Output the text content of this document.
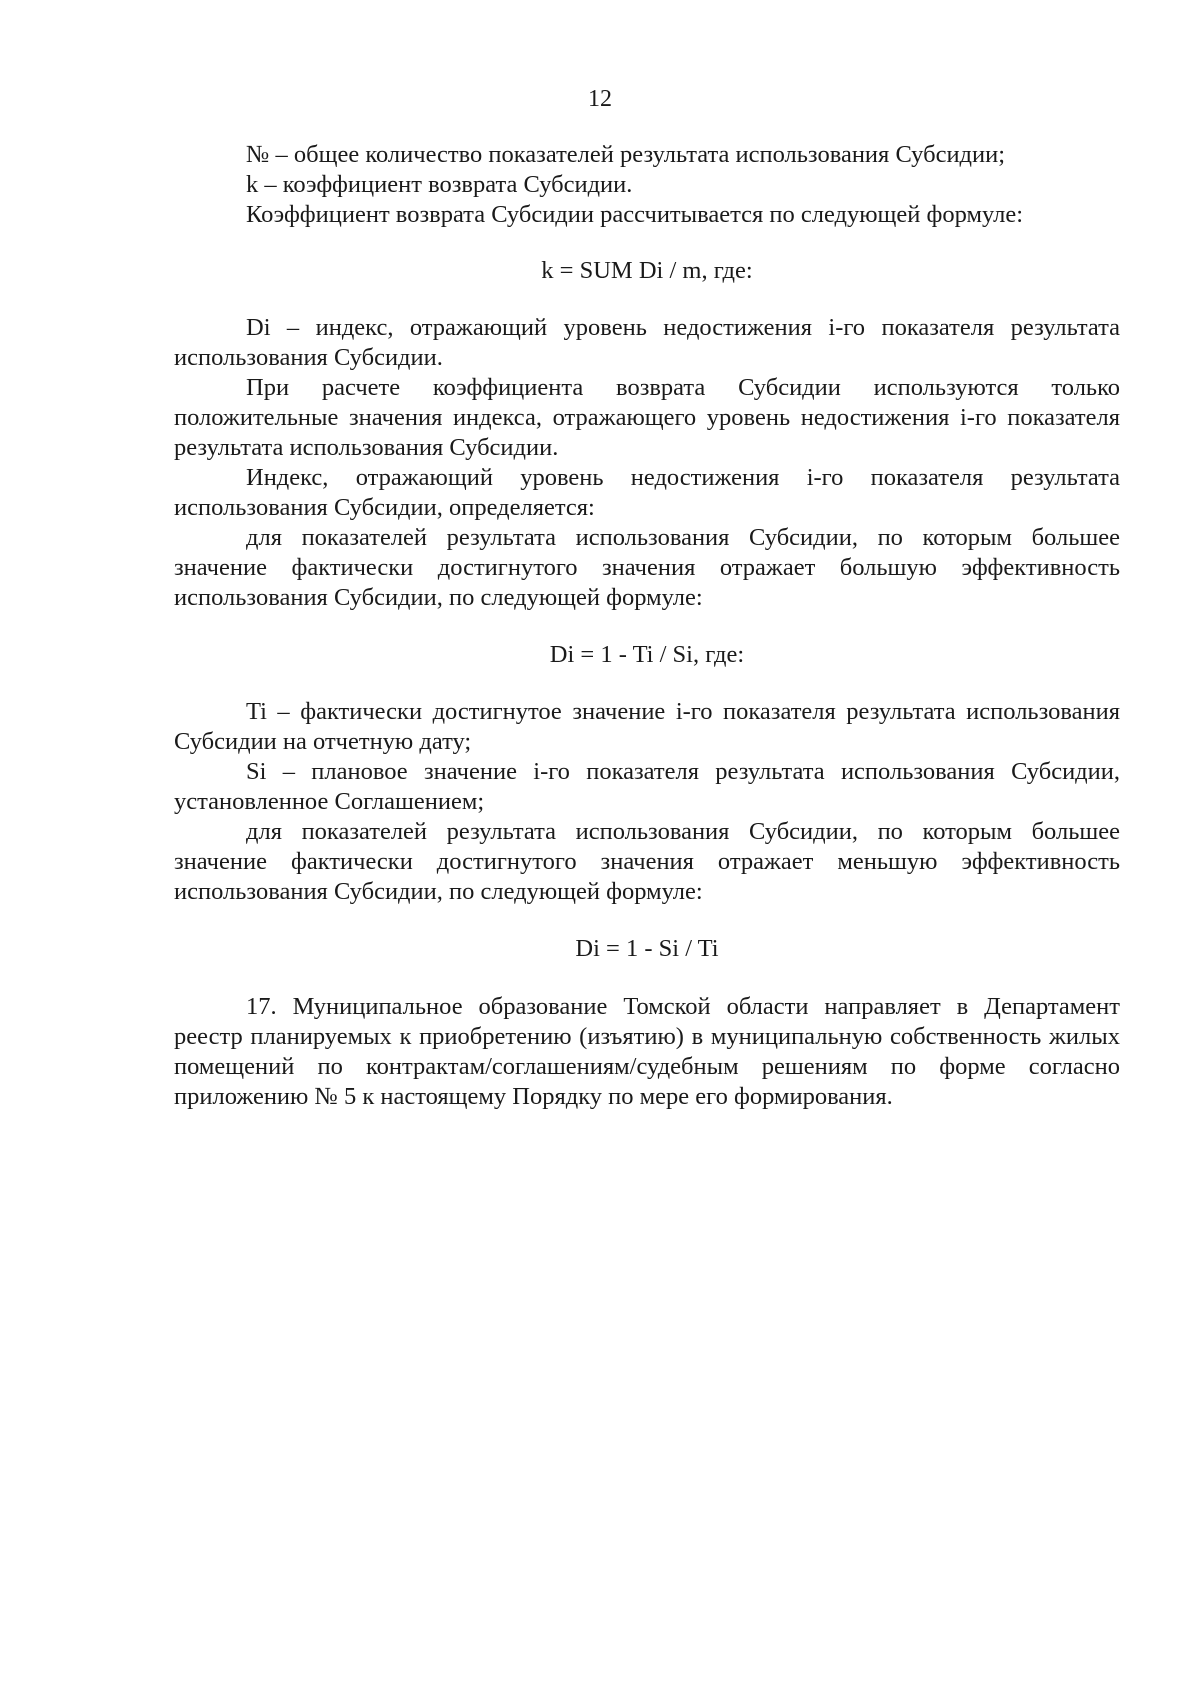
12

№ – общее количество показателей результата использования Субсидии;

k – коэффициент возврата Субсидии.

Коэффициент возврата Субсидии рассчитывается по следующей формуле:

k = SUM Di / m, где:

Di – индекс, отражающий уровень недостижения i-го показателя результата использования Субсидии.

При расчете коэффициента возврата Субсидии используются только положительные значения индекса, отражающего уровень недостижения i-го показателя результата использования Субсидии.

Индекс, отражающий уровень недостижения i-го показателя результата использования Субсидии, определяется:

для показателей результата использования Субсидии, по которым большее значение фактически достигнутого значения отражает большую эффективность использования Субсидии, по следующей формуле:

Di = 1 - Ti / Si, где:

Ti – фактически достигнутое значение i-го показателя результата использования Субсидии на отчетную дату;

Si – плановое значение i-го показателя результата использования Субсидии, установленное Соглашением;

для показателей результата использования Субсидии, по которым большее значение фактически достигнутого значения отражает меньшую эффективность использования Субсидии, по следующей формуле:

Di = 1 - Si / Ti

17. Муниципальное образование Томской области направляет в Департамент реестр планируемых к приобретению (изъятию) в муниципальную собственность жилых помещений по контрактам/соглашениям/судебным решениям по форме согласно приложению № 5 к настоящему Порядку по мере его формирования.
